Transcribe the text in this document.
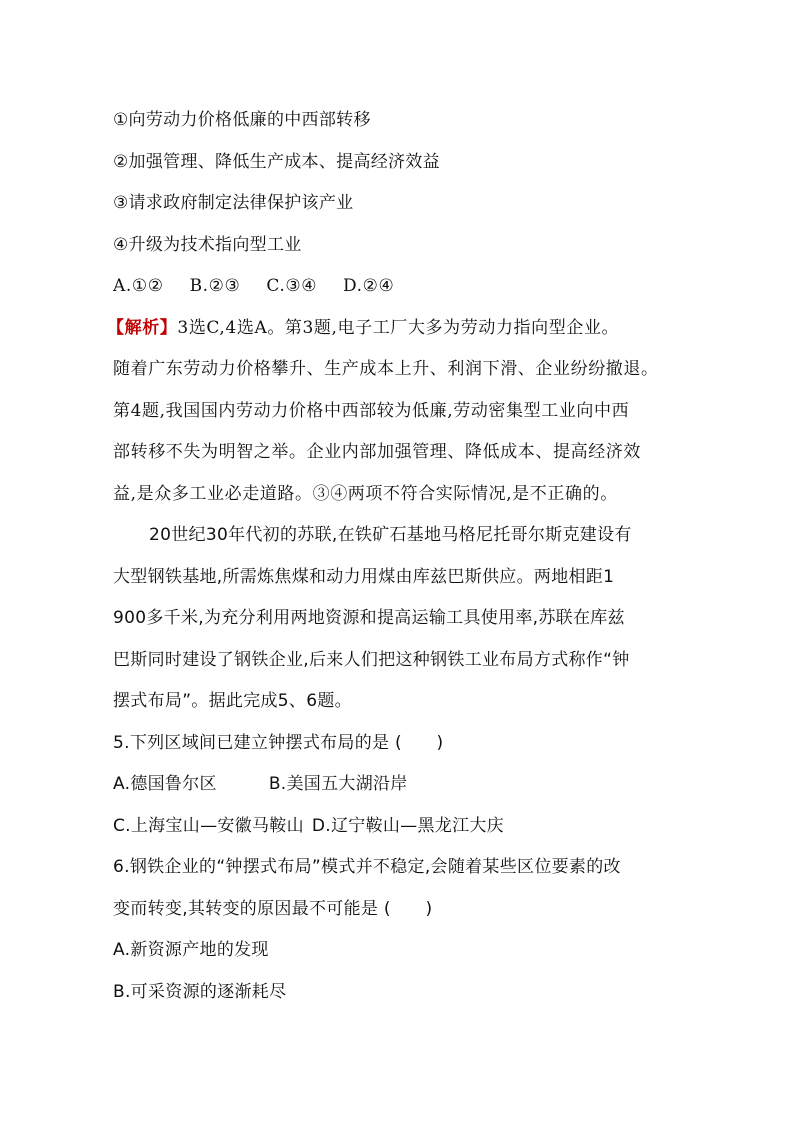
①向劳动力价格低廉的中西部转移
②加强管理、降低生产成本、提高经济效益
③请求政府制定法律保护该产业
④升级为技术指向型工业
A.①② B.②③ C.③④ D.②④
【解析】3选C,4选A。第3题,电子工厂大多为劳动力指向型企业。
随着广东劳动力价格攀升、生产成本上升、利润下滑、企业纷纷撤退。
第4题,我国国内劳动力价格中西部较为低廉,劳动密集型工业向中西
部转移不失为明智之举。企业内部加强管理、降低成本、提高经济效
益,是众多工业必走道路。③④两项不符合实际情况,是不正确的。
20世纪30年代初的苏联,在铁矿石基地马格尼托哥尔斯克建设有
大型钢铁基地,所需炼焦煤和动力用煤由库兹巴斯供应。两地相距1
900多千米,为充分利用两地资源和提高运输工具使用率,苏联在库兹
巴斯同时建设了钢铁企业,后来人们把这种钢铁工业布局方式称作“钟
摆式布局”。据此完成5、6题。
5.下列区域间已建立钟摆式布局的是 (　　)
A.德国鲁尔区	B.美国五大湖沿岸
C.上海宝山—安徽马鞍山 D.辽宁鞍山—黑龙江大庆
6.钢铁企业的“钟摆式布局”模式并不稳定,会随着某些区位要素的改
变而转变,其转变的原因最不可能是 (　　)
A.新资源产地的发现
B.可采资源的逐渐耗尽
